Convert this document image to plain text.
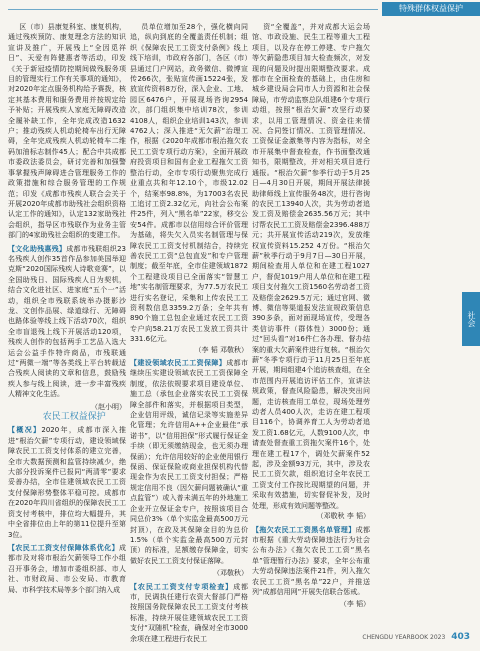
特殊群体权益保护

区（市）县康复科室、康复机构，通过残疾预防、康复理念方法的知识宣讲及推广，开展残上“全因觅祥日”、天爱有阵健惠者等活动，印发《关于新冠疫情防控期间做残服务项目的管理实行工作有关事项的通知》，对2020年定点服务机构给予赛拨，核定其基本费用和服务费用并按规定给予补贴；开展残疾人家庭无障碍改造全履补缺工作，全年完成改造1632户；推动残疾人机动轮椅车出行无障碍，全年完成残疾人机动轮椅车二维码加油标志制作45人；配合中共成都市委政法委员会，研讨完善和加强警事掌握残声障碍进合管理服务工作的政策措施和综合服务管理的工作规范；印发《成都市残疾人联合会关于开展2020年成都市助残社会组织资格认定工作的通知》，认定132家助残社会组织，指导区市残联作为业务主管部门的4家助残社会组织的变建工作。

【文化助残惠残】成都市残联组织23名残疾人创作35首作品参加美国举迎克斯“2020国际残疾人诗歌竞赛”，以全国助残日、国际残疾人日为契机，结合文化进社区、进家庭“五个一”活动，组织全市残联系统举办摄影沙龙、文创作品展、绿道绿行、无障碍也路体验等线上线下活动70次，组织全市盲退残上线下开展活动120项，残疾人创作的包括两手工艺品入选大运会公益手作特许商品，市残联通过“两微一端”等各类线上平台转载适合残疾人阅读的文章和信息，鼓励残疾人参与线上阅读，进一步丰富残疾人精神文化生活。

（赵小明）

农民工权益保护

【概况】2020年，成都市深入推进“根治欠薪”专项行动，建设领域保障农民工工资支付体系的建立完善，全市大数据预测和监管持续减少，绝大部分投诉案件已报同“两清零”要求妥善办结，全市住建领域农民工工资支付保障形势整体平稳可控。成都市在2020年四川省组织的保障农民工工资支付考核中，排位均大幅提升，其中全省排位由上年的第11位提升至第3位。

【农民工工资支付保障体系优化】成都市及对将市根治欠薪领导工作小组召开事务会，增加市委组织部、市人社、市财政局、市公安局、市教育局、市科学技术局等多个部门纳入成

员单位增加至28个，强化横向同追，纵向到底的全覆盖责任机制；组织《保障农民工工资支付条例》线上线下培训，市政府各部门，各区（市）县通过门户网站，政务微信、微博宣传266次，张贴宣传画15224张，发放宣传资料8万份，深入企业、工地、园区6476户，开展现场咨询2954次，部门组织集中培训78次，参训4108人，组织企业培训143次，参训4762人；深入推进“无欠薪”治理工作，根据《2020年成都市根治拖欠农民工工资专项行动方案》，全面开展政府投资项目和国有企业工程拖欠工资整治行动，全市专项行动聚焦完成行业重点共和年12.10个，市级12.02个，结案率98.8%，为17003名农民工追讨工资2.32亿元，向社会公布案件25件，列入“黑名单”22家，移交公安54件。成都市以信用综合评价管理为基础，将失欠入员实名制管理与保障农民工工资支付机制结合，持续完善农民工工资“总包直发”和专户管理制度；截至年底，全市住建领域1872个工程建设项目已全面落实“智慧工地”实名制管理要求，为77.5万农民工进行实名登记，采集和上传农民工工资利数信息3359.2万条；全年共有890个施工总包企业通过农民工工资专户向58.21万农民工发放工资共计331.6亿元。

（李 韬 邓敬秋）

【建设领域农民工工资保障】成都市继续压实建设领域农民工工资保障全制度，依法依规要求项目建设单位、施工总（承包企业落实农民工工资保障全部件和落实，并根据项目类型，企业信用评级，诚信记录等实施差异化管理；允许信用A++企业最佳“承诺书”，以“信用担保”形式履行保证金手续（即无须缴纳现金，也无须办理保函）；允许信用较好的企业使用银行保函、保证保险或商业担保机构代替现金作为农民工工资支付担保；严格规定信用不良（因欠薪问题被确认“重点监管”）或入普未满五年的外地施工企业开立保证金专户，按照该项目合同总价3%（单个实监金最高500万元封顶），在政及其保障金目的为总价1.5%（单个实监金最高500万元封顶）的标准，足额缴存保障金，切实做好农民工工资支付保证落障。

（邓敬秋）

【农民工工资支付专项检查】成都市，民调执任建行农资大督部门严格按照国务院保障农民工工资支付考核标准，持续开展住建领域农民工工资支付“双随机”检查，确保对全市3000余项在建工程进行农民工

资“全覆盖”，并对成都大运会场馆、市政设施、民生工程等重大工程项目，以及存在停工停建、专户拖欠等欠薪隐患项目加大检查频次，对发现的问题及时提出限期整改要求。成都市在全面检查的基础上，由住房和城乡建设局会同市人力资源和社会保障局，市劳动监察总队组建6个专项行动组，按照“根治欠薪”攻坚行动要求，以用工管理情况、资金往来情况、合同签订情况、工资管理情况、工资保证金激集等内容为指标，对全市开展集中督查检查，作书面整改通知书，限期整改，并对相关项目进行通报。“根治欠薪”参季行动于5月25日—4月30日开展，期间开展法律援助律师线上宣传服务48次，进行咨询的农民工13940人次，共为劳动者追发工资及赔偿金2635.56万元；其中讨帮农民工工资及赔偿金2396.488万元；共开展宣传活动219次，发放维权宣传资料15.252 4万份。“根治欠薪”秋季行动于9月7日—30日开展，期间检查用人单位和在建工程1027户，督促1019户用人单位和在建工程项目支付拖欠工资1560名劳动者工资及赔偿金2629.5万元；通过官网、微博、微信等渠道报发法宣规政策信息390多条，面对面现场宣传，受理各类信访事件（群体性）3000份；通过“回头看”对16件仁各办理、督办结案的重大欠薪案件进行复核。“根治欠薪”冬季专项行动于11月25日至年底开展，期间组建4个追访核查组，在全市范围内开展追访评估工作，宣讲法规政策，督查风险隐患，解决突出问题，走访核查用工单位，现场处理劳动者人员400人次，走访在建工程项目116个，协调养育工人为劳动者追发工资1.68亿元，人数9100人次，申请查处督查重工资拖欠案件16个，处理在建工程17个，调处欠薪案件52起，涉及金额93万元，其中，涉及农民工工资欠款，组织追讨全年农民工工资支付工作按比现期望的问题，并采取有效措施，切实督促补发，及时处理，形成有效问题等整改。

（邓敬秋 李 韬）

【拖欠农民工工资黑名单管理】成都市根据《重大劳动保障违法行为社会公布办法》《拖欠农民工工资“黑名单”管理暂行办法》要求，全年公布重大劳动保障违法案件21件，列入拖欠农民工工资“黑名单”22户，并推送列“成都信用网”开展失信联合惩戒。

（李 韬）

社会
CHENGDU YEARBOOK 2023 403
